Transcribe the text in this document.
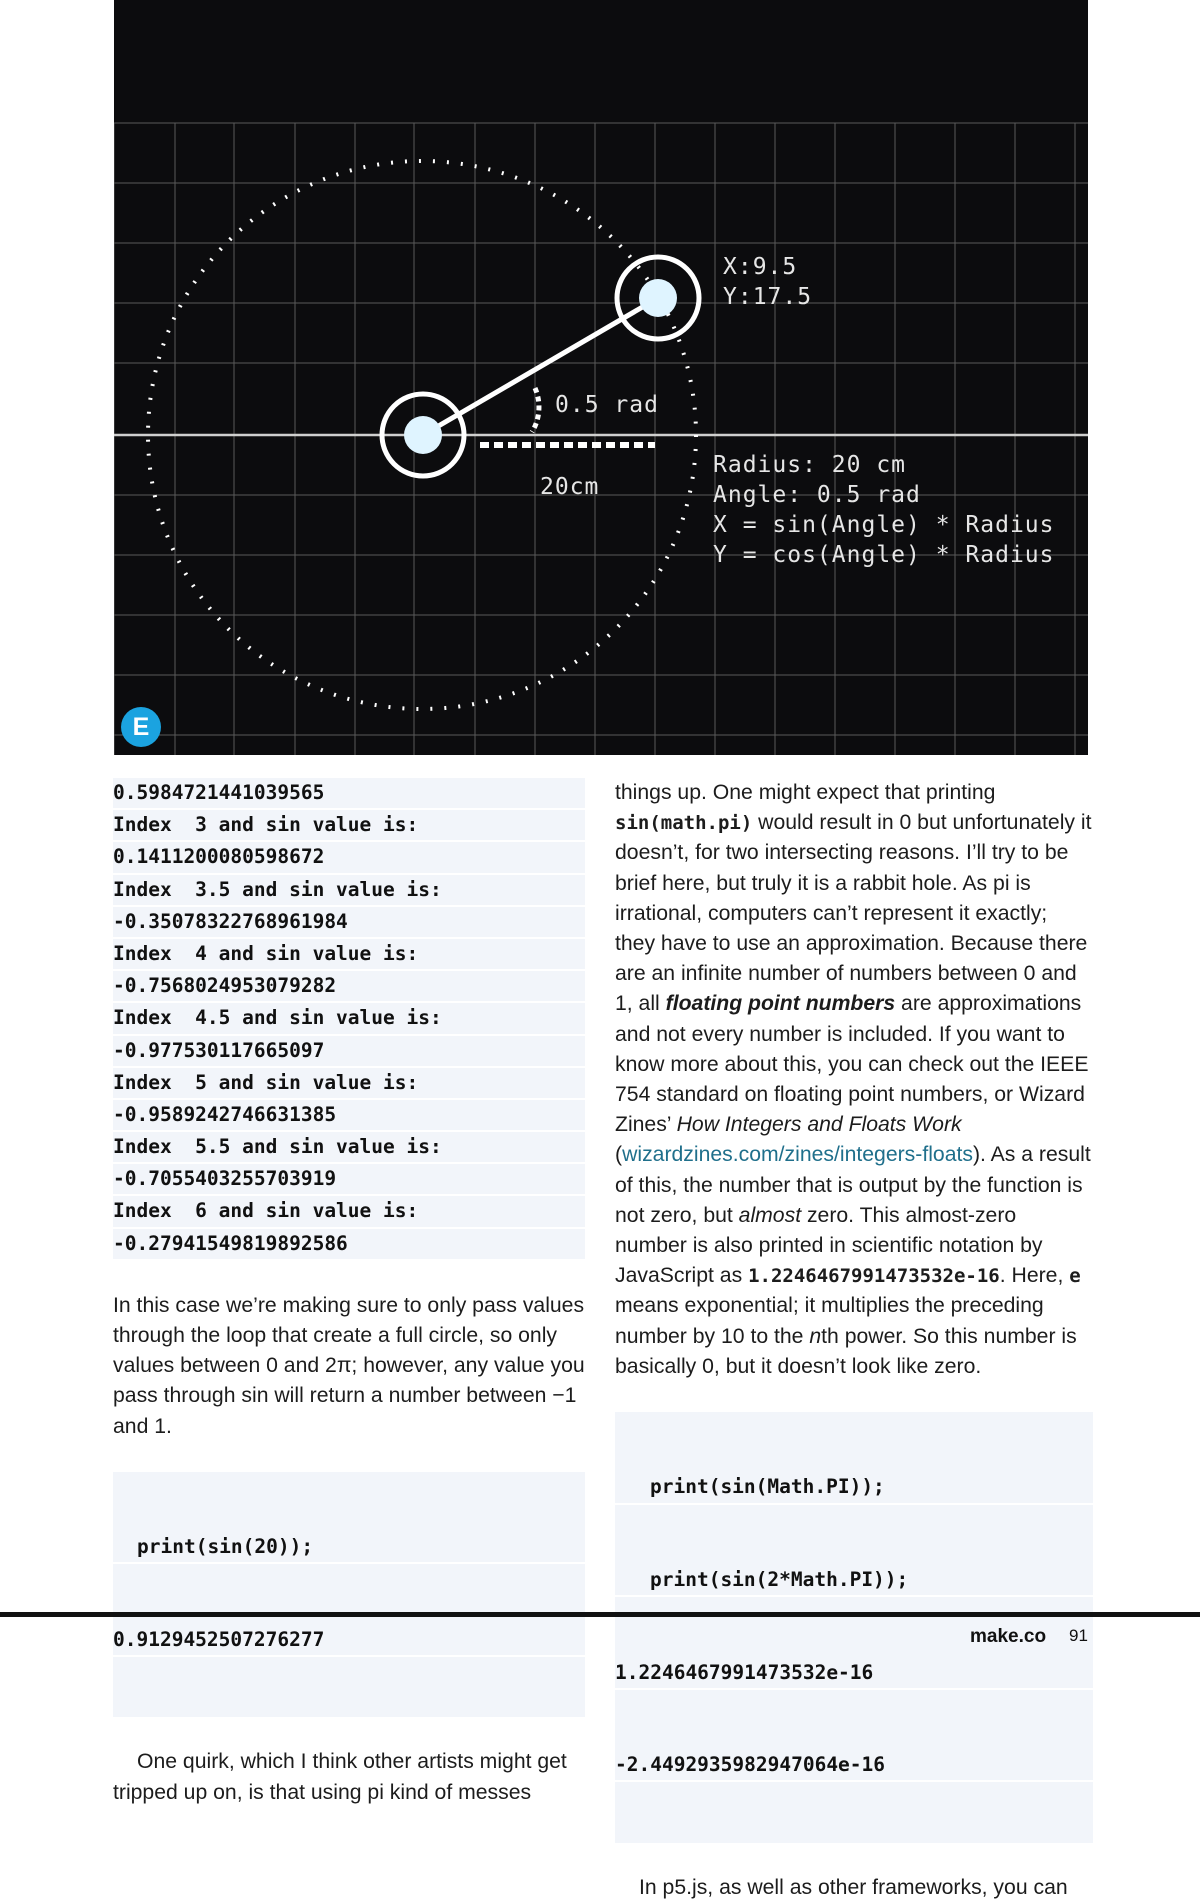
E
X:9.5
Y:17.5
0.5 rad
20cm
Radius: 20 cm
Angle: 0.5 rad
X = sin(Angle) * Radius
Y = cos(Angle) * Radius
0.5984721441039565
Index  3 and sin value is:
0.1411200080598672
Index  3.5 and sin value is:
-0.35078322768961984
Index  4 and sin value is:
-0.7568024953079282
Index  4.5 and sin value is:
-0.977530117665097
Index  5 and sin value is:
-0.9589242746631385
Index  5.5 and sin value is:
-0.7055403255703919
Index  6 and sin value is:
-0.27941549819892586

In this case we’re making sure to only pass values through the loop that create a full circle, so only values between 0 and 2π; however, any value you pass through sin will return a number between −1 and 1.

print(sin(20));

0.9129452507276277

One quirk, which I think other artists might get tripped up on, is that using pi kind of messes

things up. One might expect that printing sin(math.pi) would result in 0 but unfortunately it doesn’t, for two intersecting reasons. I’ll try to be brief here, but truly it is a rabbit hole. As pi is irrational, computers can’t represent it exactly; they have to use an approximation. Because there are an infinite number of numbers between 0 and 1, all floating point numbers are approximations and not every number is included. If you want to know more about this, you can check out the IEEE 754 standard on floating point numbers, or Wizard Zines’ How Integers and Floats Work (wizardzines.com/zines/integers-floats). As a result of this, the number that is output by the function is not zero, but almost zero. This almost-zero number is also printed in scientific notation by JavaScript as 1.2246467991473532e-16. Here, e means exponential; it multiplies the preceding number by 10 to the nth power. So this number is basically 0, but it doesn’t look like zero.

print(sin(Math.PI));

print(sin(2*Math.PI));

1.2246467991473532e-16

-2.4492935982947064e-16

In p5.js, as well as other frameworks, you can

make.co 91
